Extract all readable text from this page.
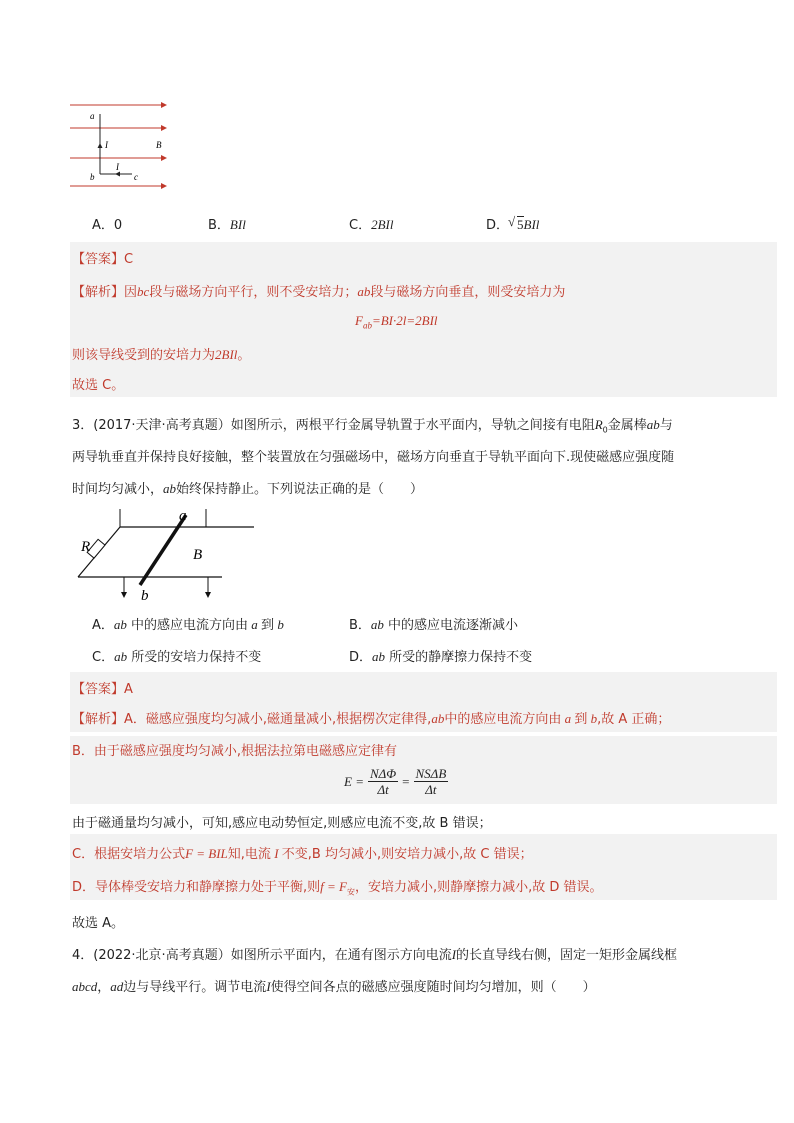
a
I	B
I
b	c
A．0	B．BIl	C．2BIl	D． √ 5BIl
【答案】C
【解析】因bc段与磁场方向平行，则不受安培力；ab段与磁场方向垂直，则受安培力为
$F_{ab}=BI\cdot 2l=2BIl$
则该导线受到的安培力为2BIl。
故选 C。
3．(2017·天津·高考真题）如图所示，两根平行金属导轨置于水平面内，导轨之间接有电阻$R_0$金属棒ab与
两导轨垂直并保持良好接触，整个装置放在匀强磁场中，磁场方向垂直于导轨平面向下.现使磁感应强度随
时间均匀减小，ab始终保持静止。下列说法正确的是（　　）
a
R	B
b
A．ab 中的感应电流方向由 a 到 b	B．ab 中的感应电流逐渐减小
C．ab 所受的安培力保持不变	D．ab 所受的静摩擦力保持不变
【答案】A
【解析】A．磁感应强度均匀减小,磁通量减小,根据楞次定律得,ab中的感应电流方向由 a 到 b,故 A 正确；
B．由于磁感应强度均匀减小,根据法拉第电磁感应定律有
$E = \frac{\text{NΔΦ}}{\Delta t} = \frac{\text{NSΔB}}{\Delta t}$
由于磁通量均匀减小，可知,感应电动势恒定,则感应电流不变,故 B 错误；
C．根据安培力公式F = BIL知,电流 I 不变,B 均匀减小,则安培力减小,故 C 错误；
D．导体棒受安培力和静摩擦力处于平衡,则$f = F_安$，安培力减小,则静摩擦力减小,故 D 错误。
故选 A。
4．(2022·北京·高考真题）如图所示平面内，在通有图示方向电流I的长直导线右侧，固定一矩形金属线框
abcd，ad边与导线平行。调节电流I使得空间各点的磁感应强度随时间均匀增加，则（　　）
